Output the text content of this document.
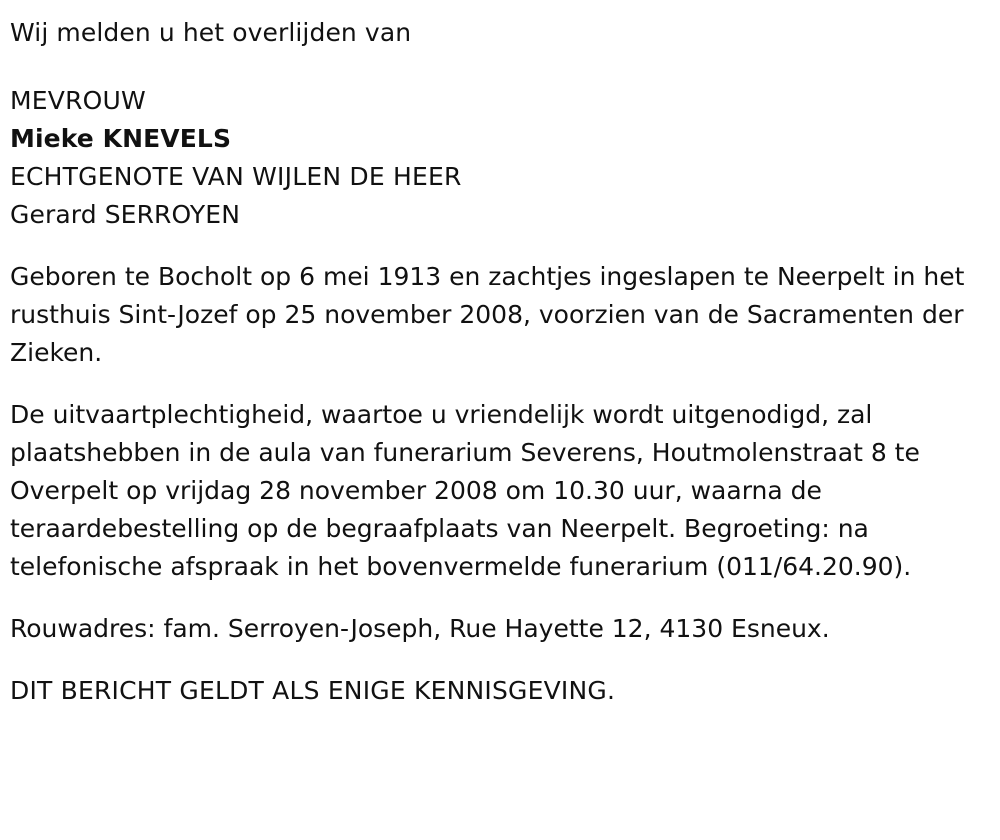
Wij melden u het overlijden van
MEVROUW
Mieke KNEVELS
ECHTGENOTE VAN WIJLEN DE HEER
Gerard SERROYEN
Geboren te Bocholt op 6 mei 1913 en zachtjes ingeslapen te Neerpelt in het rusthuis Sint-Jozef op 25 november 2008, voorzien van de Sacramenten der Zieken.
De uitvaartplechtigheid, waartoe u vriendelijk wordt uitgenodigd, zal plaatshebben in de aula van funerarium Severens, Houtmolenstraat 8 te Overpelt op vrijdag 28 november 2008 om 10.30 uur, waarna de teraardebestelling op de begraafplaats van Neerpelt. Begroeting: na telefonische afspraak in het bovenvermelde funerarium (011/64.20.90).
Rouwadres: fam. Serroyen-Joseph, Rue Hayette 12, 4130 Esneux.
DIT BERICHT GELDT ALS ENIGE KENNISGEVING.
